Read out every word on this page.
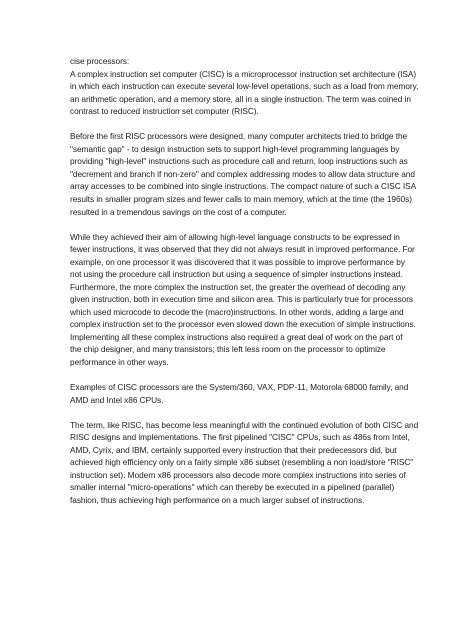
cise processors:
A complex instruction set computer (CISC) is a microprocessor instruction set architecture (ISA)
in which each instruction can execute several low-level operations, such as a load from memory,
an arithmetic operation, and a memory store, all in a single instruction. The term was coined in
contrast to reduced instruction set computer (RISC).
Before the first RISC processors were designed, many computer architects tried to bridge the
"semantic gap" - to design instruction sets to support high-level programming languages by
providing "high-level" instructions such as procedure call and return, loop instructions such as
"decrement and branch if non-zero" and complex addressing modes to allow data structure and
array accesses to be combined into single instructions. The compact nature of such a CISC ISA
results in smaller program sizes and fewer calls to main memory, which at the time (the 1960s)
resulted in a tremendous savings on the cost of a computer.
While they achieved their aim of allowing high-level language constructs to be expressed in
fewer instructions, it was observed that they did not always result in improved performance. For
example, on one processor it was discovered that it was possible to improve performance by
not using the procedure call instruction but using a sequence of simpler instructions instead.
Furthermore, the more complex the instruction set, the greater the overhead of decoding any
given instruction, both in execution time and silicon area. This is particularly true for processors
which used microcode to decode the (macro)instructions. In other words, adding a large and
complex instruction set to the processor even slowed down the execution of simple instructions.
Implementing all these complex instructions also required a great deal of work on the part of
the chip designer, and many transistors; this left less room on the processor to optimize
performance in other ways.
Examples of CISC processors are the System/360, VAX, PDP-11, Motorola 68000 family, and
AMD and Intel x86 CPUs.
The term, like RISC, has become less meaningful with the continued evolution of both CISC and
RISC designs and implementations. The first pipelined "CISC" CPUs, such as 486s from Intel,
AMD, Cyrix, and IBM, certainly supported every instruction that their predecessors did, but
achieved high efficiency only on a fairly simple x86 subset (resembling a non load/store "RISC"
instruction set). Modern x86 processors also decode more complex instructions into series of
smaller internal "micro-operations" which can thereby be executed in a pipelined (parallel)
fashion, thus achieving high performance on a much larger subset of instructions.
